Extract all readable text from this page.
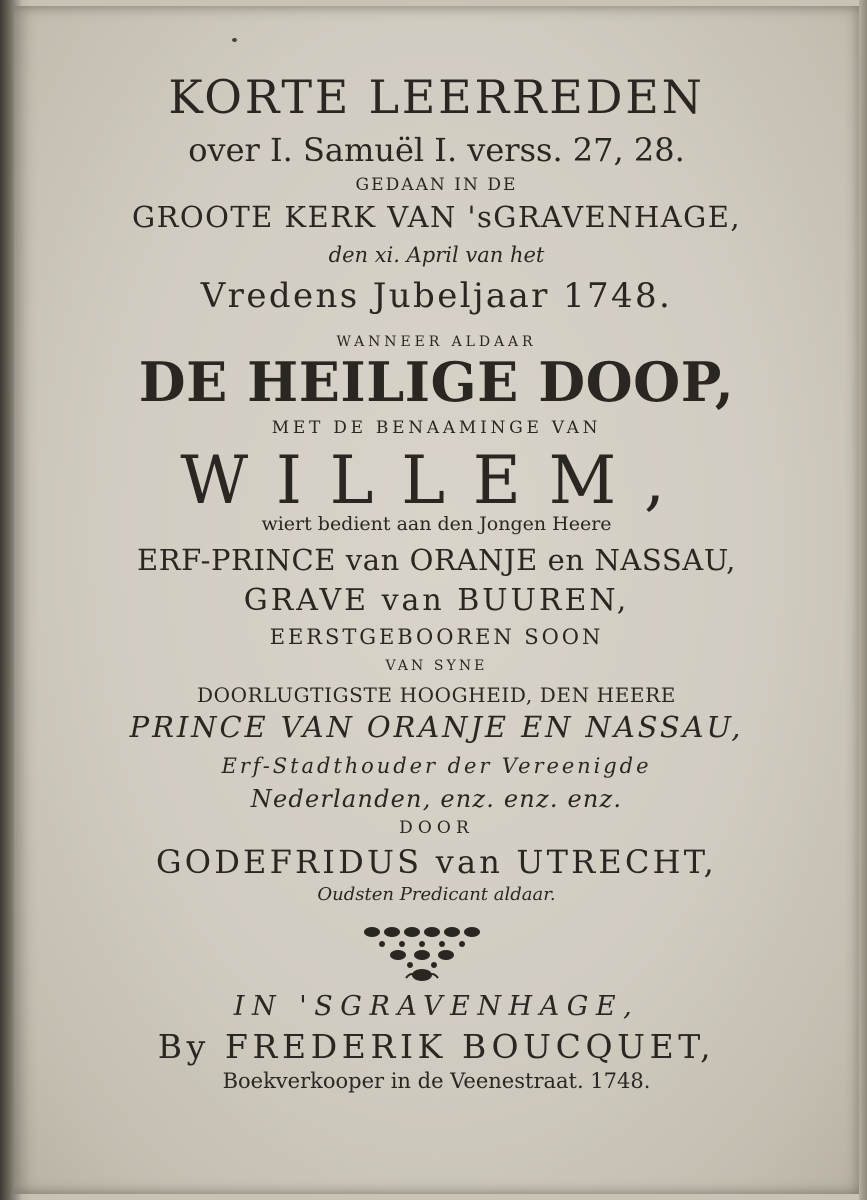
KORTE LEERREDEN
over I. Samuël I. verss. 27, 28.
GEDAAN IN DE
GROOTE KERK VAN 'sGRAVENHAGE,
den xi. April van het
Vredens Jubeljaar 1748.
WANNEER ALDAAR
DE HEILIGE DOOP,
MET DE BENAAMINGE VAN
WILLEM,
wiert bedient aan den Jongen Heere
ERF-PRINCE van ORANJE en NASSAU,
GRAVE van BUUREN,
EERSTGEBOOREN SOON
VAN SYNE
DOORLUGTIGSTE HOOGHEID, DEN HEERE
PRINCE VAN ORANJE EN NASSAU,
Erf-Stadthouder der Vereenigde
Nederlanden, enz. enz. enz.
DOOR
GODEFRIDUS van UTRECHT,
Oudsten Predicant aldaar.
IN 'SGRAVENHAGE,
By FREDERIK BOUCQUET,
Boekverkooper in de Veenestraat. 1748.
